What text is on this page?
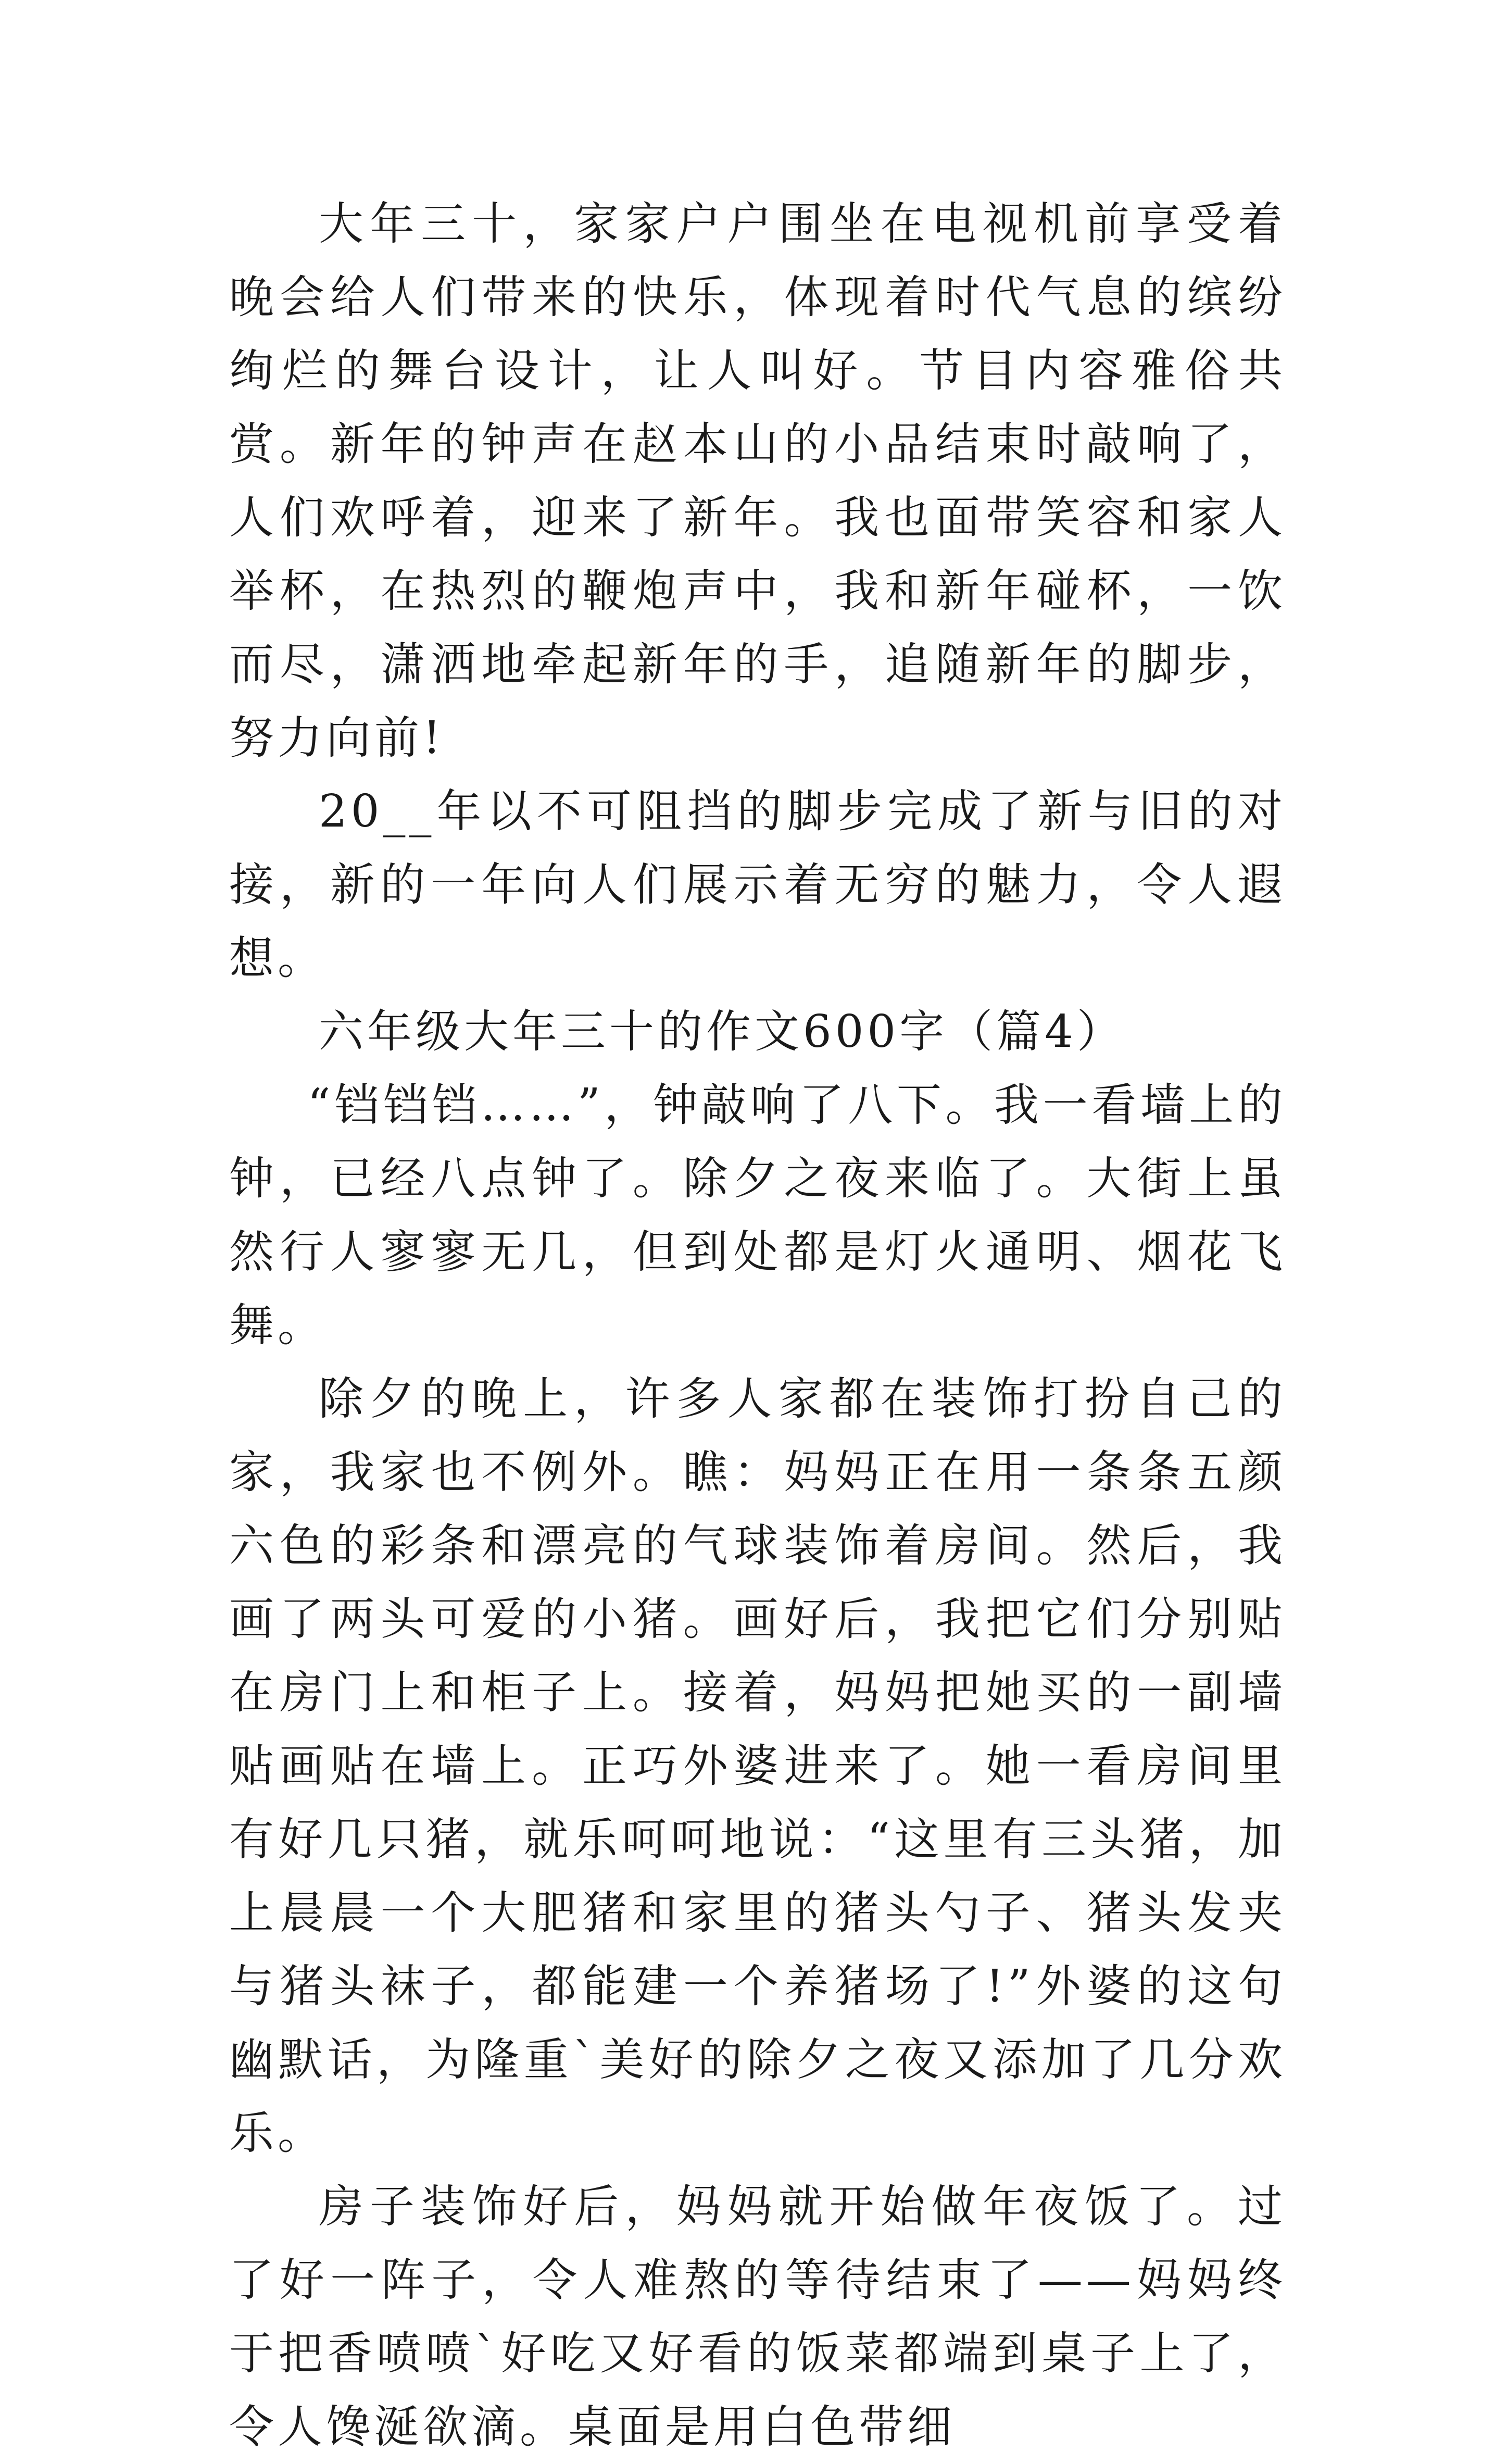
大年三十，家家户户围坐在电视机前享受着晚会给人们带来的快乐，体现着时代气息的缤纷绚烂的舞台设计，让人叫好。节目内容雅俗共赏。新年的钟声在赵本山的小品结束时敲响了，人们欢呼着，迎来了新年。我也面带笑容和家人举杯，在热烈的鞭炮声中，我和新年碰杯，一饮而尽，潇洒地牵起新年的手，追随新年的脚步，努力向前!

20__年以不可阻挡的脚步完成了新与旧的对接，新的一年向人们展示着无穷的魅力，令人遐想。

六年级大年三十的作文600字（篇4）

“铛铛铛……”，钟敲响了八下。我一看墙上的钟，已经八点钟了。除夕之夜来临了。大街上虽然行人寥寥无几，但到处都是灯火通明、烟花飞舞。

除夕的晚上，许多人家都在装饰打扮自己的家，我家也不例外。瞧：妈妈正在用一条条五颜六色的彩条和漂亮的气球装饰着房间。然后，我画了两头可爱的小猪。画好后，我把它们分别贴在房门上和柜子上。接着，妈妈把她买的一副墙贴画贴在墙上。正巧外婆进来了。她一看房间里有好几只猪，就乐呵呵地说：“这里有三头猪，加上晨晨一个大肥猪和家里的猪头勺子、猪头发夹与猪头袜子，都能建一个养猪场了!”外婆的这句幽默话，为隆重`美好的除夕之夜又添加了几分欢乐。

房子装饰好后，妈妈就开始做年夜饭了。过了好一阵子，令人难熬的等待结束了——妈妈终于把香喷喷`好吃又好看的饭菜都端到桌子上了，令人馋涎欲滴。桌面是用白色带细
